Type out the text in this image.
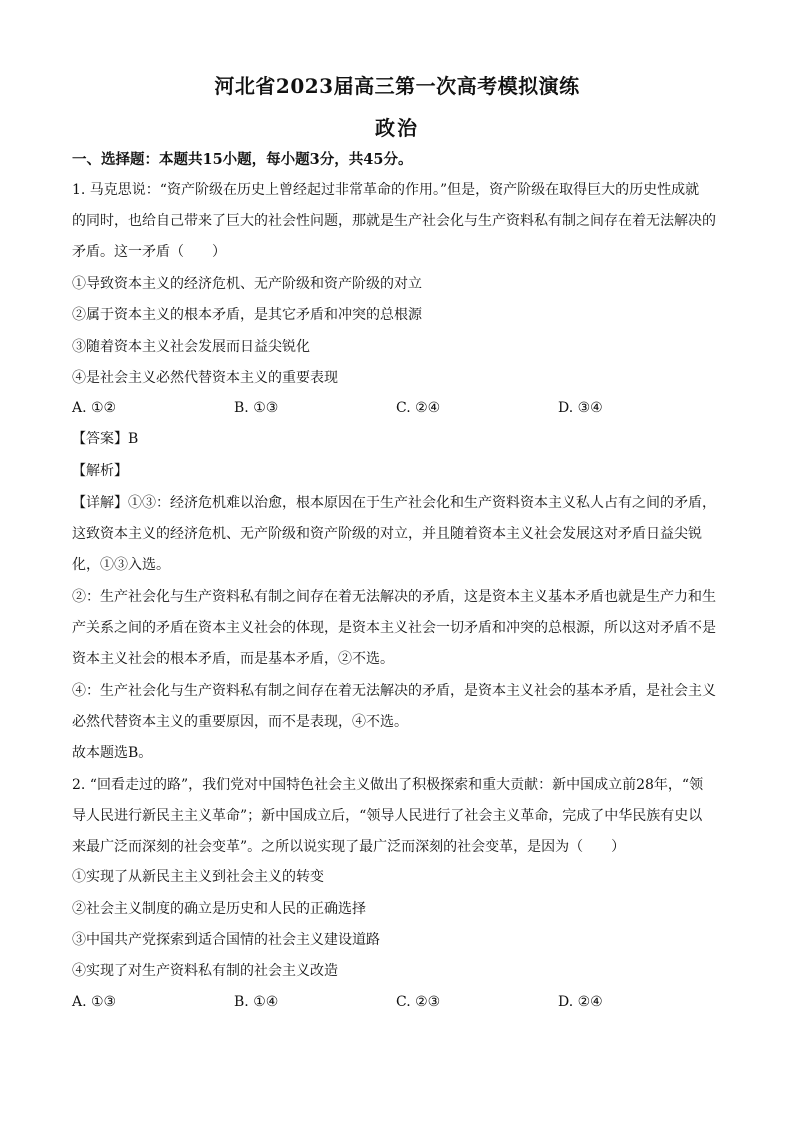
河北省2023届高三第一次高考模拟演练
政治
一、选择题：本题共15小题，每小题3分，共45分。
1. 马克思说：“资产阶级在历史上曾经起过非常革命的作用。”但是，资产阶级在取得巨大的历史性成就
的同时，也给自己带来了巨大的社会性问题，那就是生产社会化与生产资料私有制之间存在着无法解决的
矛盾。这一矛盾（　　）
①导致资本主义的经济危机、无产阶级和资产阶级的对立
②属于资本主义的根本矛盾，是其它矛盾和冲突的总根源
③随着资本主义社会发展而日益尖锐化
④是社会主义必然代替资本主义的重要表现
A. ①②	B. ①③	C. ②④	D. ③④
【答案】B
【解析】
【详解】①③：经济危机难以治愈，根本原因在于生产社会化和生产资料资本主义私人占有之间的矛盾，
这致资本主义的经济危机、无产阶级和资产阶级的对立，并且随着资本主义社会发展这对矛盾日益尖锐
化，①③入选。
②：生产社会化与生产资料私有制之间存在着无法解决的矛盾，这是资本主义基本矛盾也就是生产力和生
产关系之间的矛盾在资本主义社会的体现，是资本主义社会一切矛盾和冲突的总根源，所以这对矛盾不是
资本主义社会的根本矛盾，而是基本矛盾，②不选。
④：生产社会化与生产资料私有制之间存在着无法解决的矛盾，是资本主义社会的基本矛盾，是社会主义
必然代替资本主义的重要原因，而不是表现，④不选。
故本题选B。
2. “回看走过的路”，我们党对中国特色社会主义做出了积极探索和重大贡献：新中国成立前28年，“领
导人民进行新民主主义革命”；新中国成立后，“领导人民进行了社会主义革命，完成了中华民族有史以
来最广泛而深刻的社会变革”。之所以说实现了最广泛而深刻的社会变革，是因为（　　）
①实现了从新民主主义到社会主义的转变
②社会主义制度的确立是历史和人民的正确选择
③中国共产党探索到适合国情的社会主义建设道路
④实现了对生产资料私有制的社会主义改造
A. ①③	B. ①④	C. ②③	D. ②④
